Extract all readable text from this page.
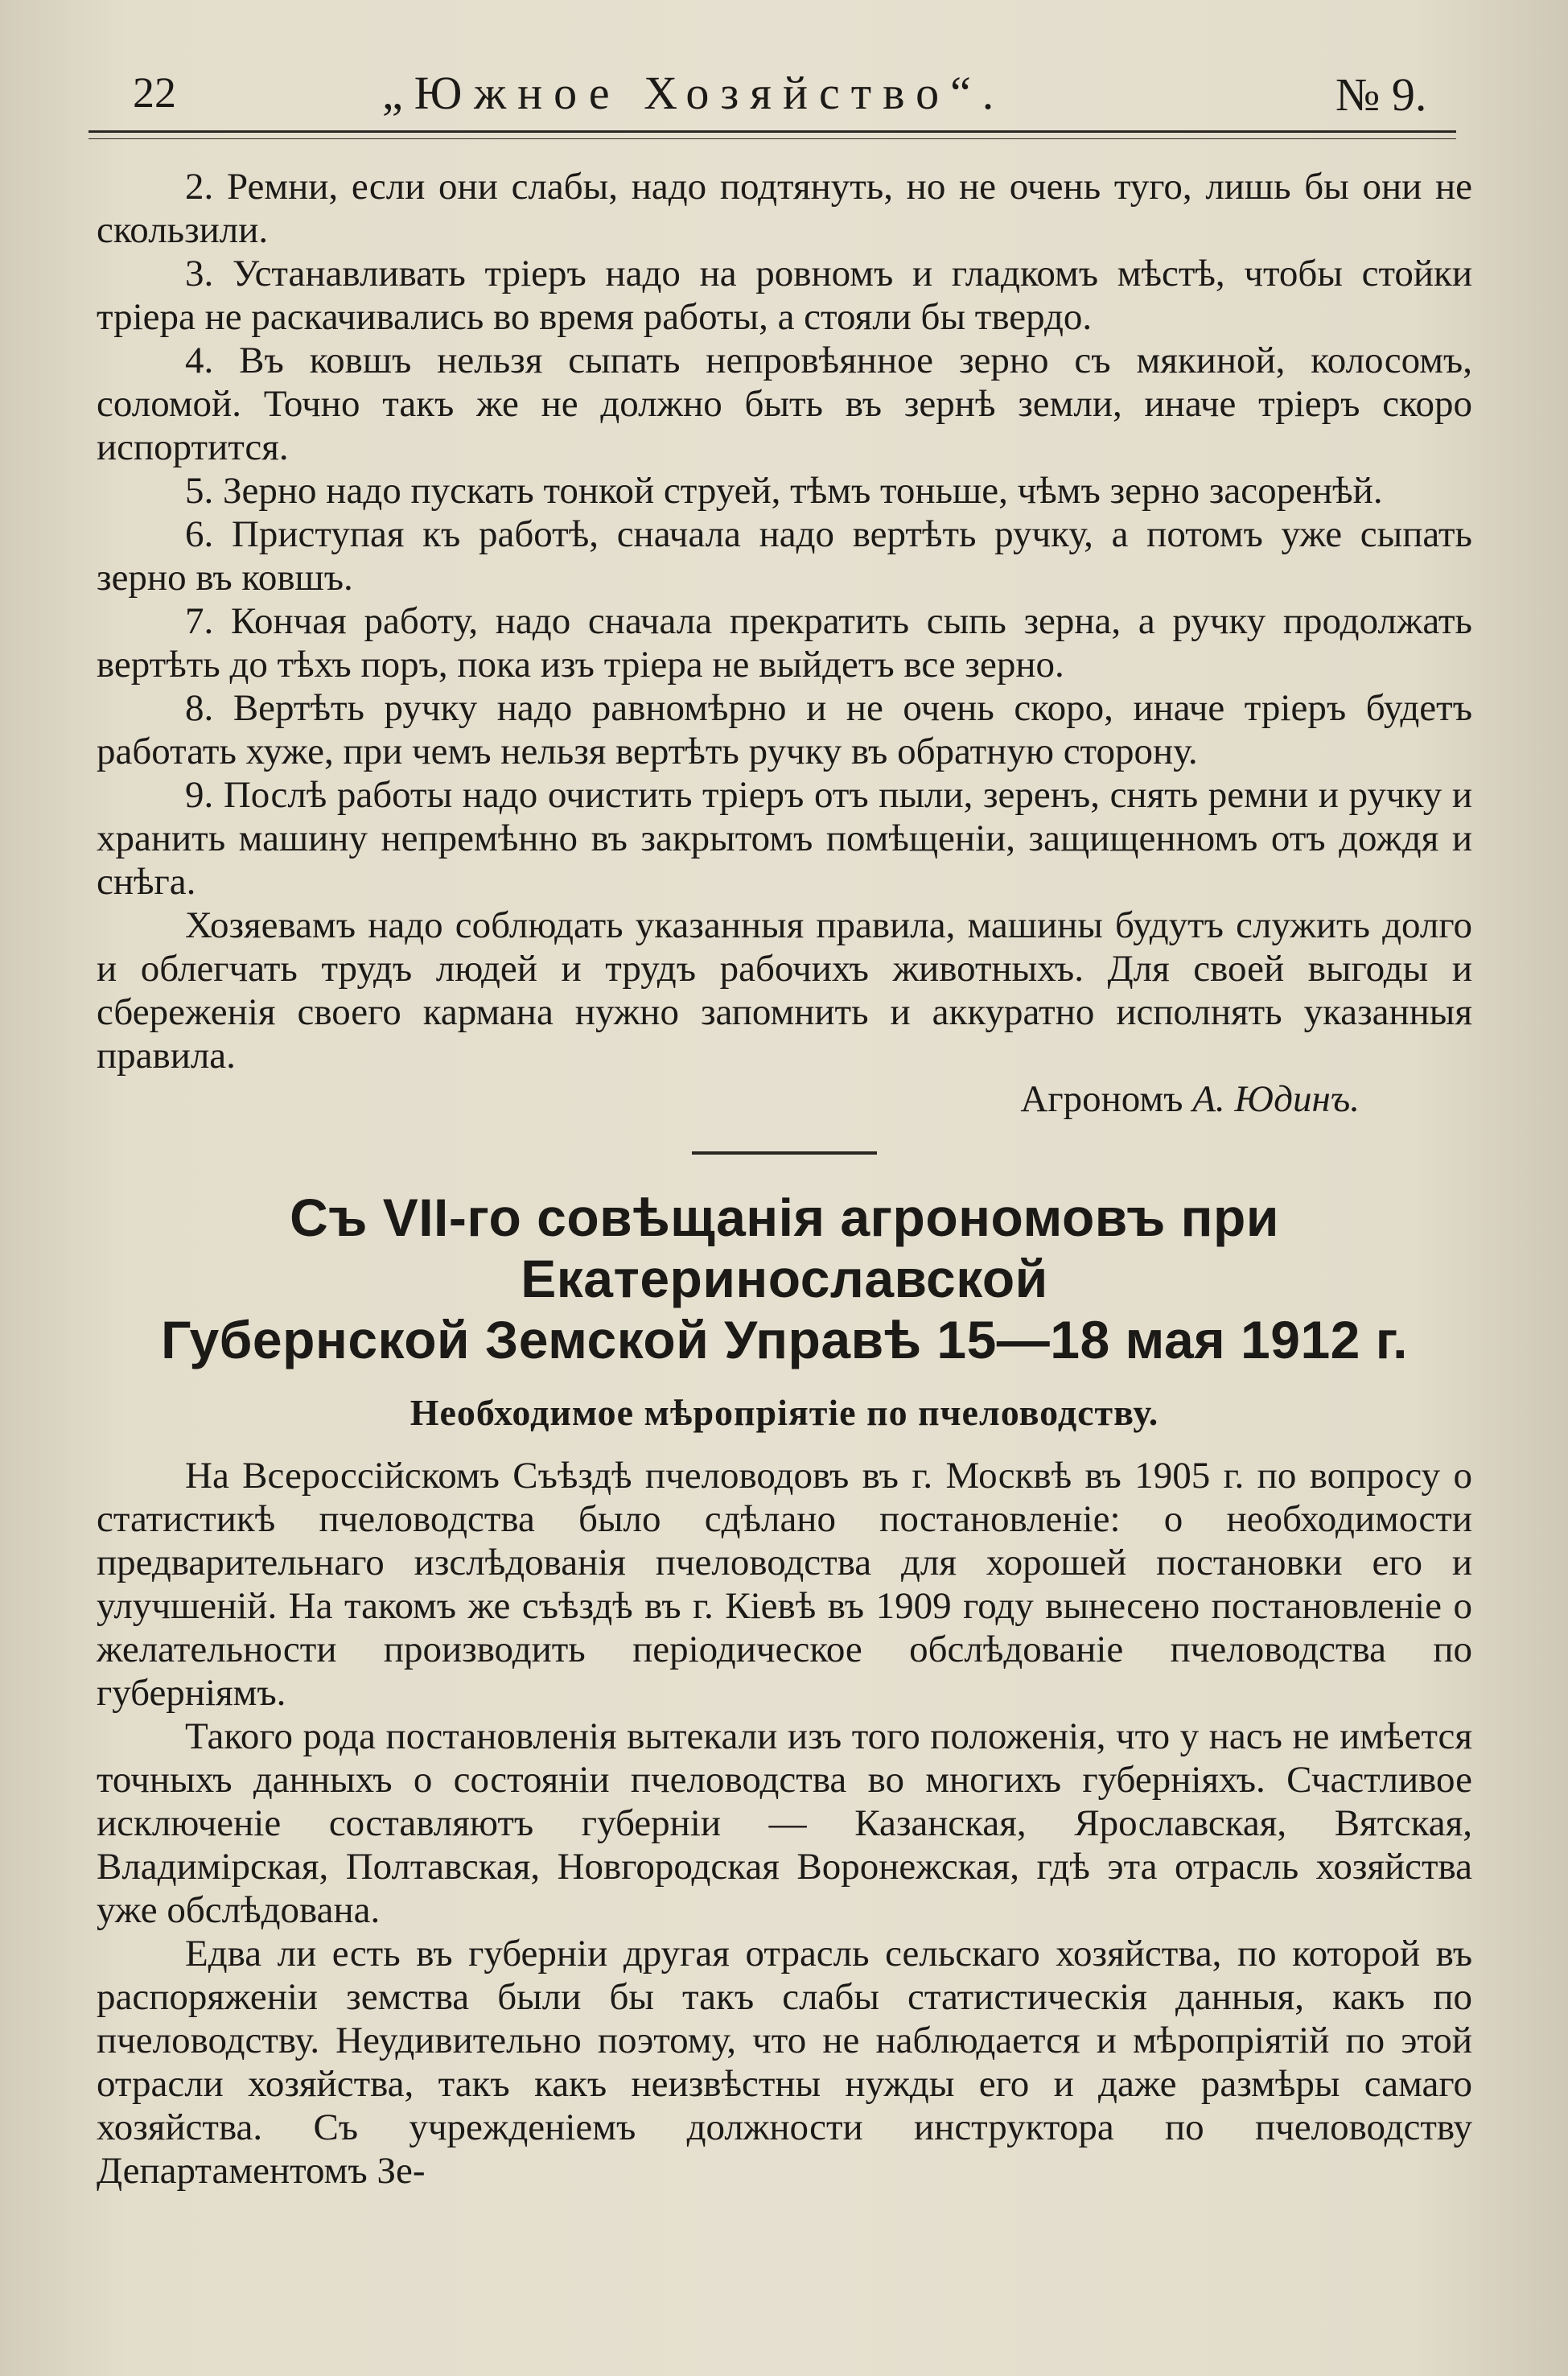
22	„Южное Хозяйство“.	№ 9.

2. Ремни, если они слабы, надо подтянуть, но не очень туго, лишь бы они не скользили.

3. Устанавливать тріеръ надо на ровномъ и гладкомъ мѣстѣ, чтобы стойки тріера не раскачивались во время работы, а стояли бы твердо.

4. Въ ковшъ нельзя сыпать непровѣянное зерно съ мякиной, колосомъ, соломой. Точно такъ же не должно быть въ зернѣ земли, иначе тріеръ скоро испортится.

5. Зерно надо пускать тонкой струей, тѣмъ тоньше, чѣмъ зерно засоренѣй.

6. Приступая къ работѣ, сначала надо вертѣть ручку, а потомъ уже сыпать зерно въ ковшъ.

7. Кончая работу, надо сначала прекратить сыпь зерна, а ручку продолжать вертѣть до тѣхъ поръ, пока изъ тріера не выйдетъ все зерно.

8. Вертѣть ручку надо равномѣрно и не очень скоро, иначе тріеръ будетъ работать хуже, при чемъ нельзя вертѣть ручку въ обратную сторону.

9. Послѣ работы надо очистить тріеръ отъ пыли, зеренъ, снять ремни и ручку и хранить машину непремѣнно въ закрытомъ помѣщеніи, защищенномъ отъ дождя и снѣга.

Хозяевамъ надо соблюдать указанныя правила, машины будутъ служить долго и облегчать трудъ людей и трудъ рабочихъ животныхъ. Для своей выгоды и сбереженія своего кармана нужно запомнить и аккуратно исполнять указанныя правила.

Агрономъ А. Юдинъ.

Съ VII-го совѣщанія агрономовъ при Екатеринославской

Губернской Земской Управѣ 15—18 мая 1912 г.

Необходимое мѣропріятіе по пчеловодству.

На Всероссійскомъ Съѣздѣ пчеловодовъ въ г. Москвѣ въ 1905 г. по вопросу о статистикѣ пчеловодства было сдѣлано постановленіе: о необходимости предварительнаго изслѣдованія пчеловодства для хорошей постановки его и улучшеній. На такомъ же съѣздѣ въ г. Кіевѣ въ 1909 году вынесено постановленіе о желательности производить періодическое обслѣдованіе пчеловодства по губерніямъ.

Такого рода постановленія вытекали изъ того положенія, что у насъ не имѣется точныхъ данныхъ о состояніи пчеловодства во многихъ губерніяхъ. Счастливое исключеніе составляютъ губерніи — Казанская, Ярославская, Вятская, Владимірская, Полтавская, Новгородская Воронежская, гдѣ эта отрасль хозяйства уже обслѣдована.

Едва ли есть въ губерніи другая отрасль сельскаго хозяйства, по которой въ распоряженіи земства были бы такъ слабы статистическія данныя, какъ по пчеловодству. Неудивительно поэтому, что не наблюдается и мѣропріятій по этой отрасли хозяйства, такъ какъ неизвѣстны нужды его и даже размѣры самаго хозяйства. Съ учрежденіемъ должности инструктора по пчеловодству Департаментомъ Зе-
